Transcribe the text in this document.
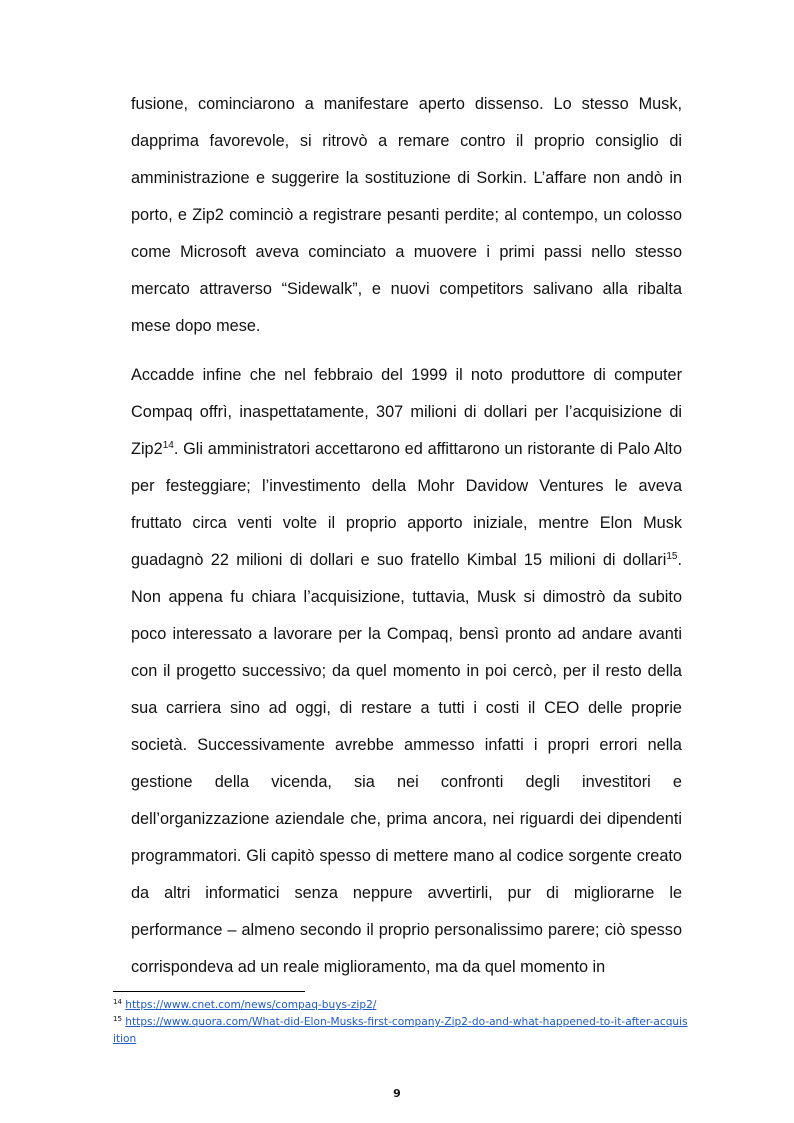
fusione, cominciarono a manifestare aperto dissenso. Lo stesso Musk, dapprima favorevole, si ritrovò a remare contro il proprio consiglio di amministrazione e suggerire la sostituzione di Sorkin. L’affare non andò in porto, e Zip2 cominciò a registrare pesanti perdite; al contempo, un colosso come Microsoft aveva cominciato a muovere i primi passi nello stesso mercato attraverso “Sidewalk”, e nuovi competitors salivano alla ribalta mese dopo mese.

Accadde infine che nel febbraio del 1999 il noto produttore di computer Compaq offrì, inaspettatamente, 307 milioni di dollari per l’acquisizione di $Zip2^{14}$. Gli amministratori accettarono ed affittarono un ristorante di Palo Alto per festeggiare; l’investimento della Mohr Davidow Ventures le aveva fruttato circa venti volte il proprio apporto iniziale, mentre Elon Musk guadagnò 22 milioni di dollari e suo fratello Kimbal 15 milioni di dollari$^{15}$. Non appena fu chiara l’acquisizione, tuttavia, Musk si dimostrò da subito poco interessato a lavorare per la Compaq, bensì pronto ad andare avanti con il progetto successivo; da quel momento in poi cercò, per il resto della sua carriera sino ad oggi, di restare a tutti i costi il CEO delle proprie società. Successivamente avrebbe ammesso infatti i propri errori nella gestione della vicenda, sia nei confronti degli investitori e dell’organizzazione aziendale che, prima ancora, nei riguardi dei dipendenti programmatori. Gli capitò spesso di mettere mano al codice sorgente creato da altri informatici senza neppure avvertirli, pur di migliorarne le performance – almeno secondo il proprio personalissimo parere; ciò spesso corrispondeva ad un reale miglioramento, ma da quel momento in

$^{14}$ https://www.cnet.com/news/compaq-buys-zip2/

$^{15}$ https://www.quora.com/What-did-Elon-Musks-first-company-Zip2-do-and-what-happened-to-it-after-acquisition

9
